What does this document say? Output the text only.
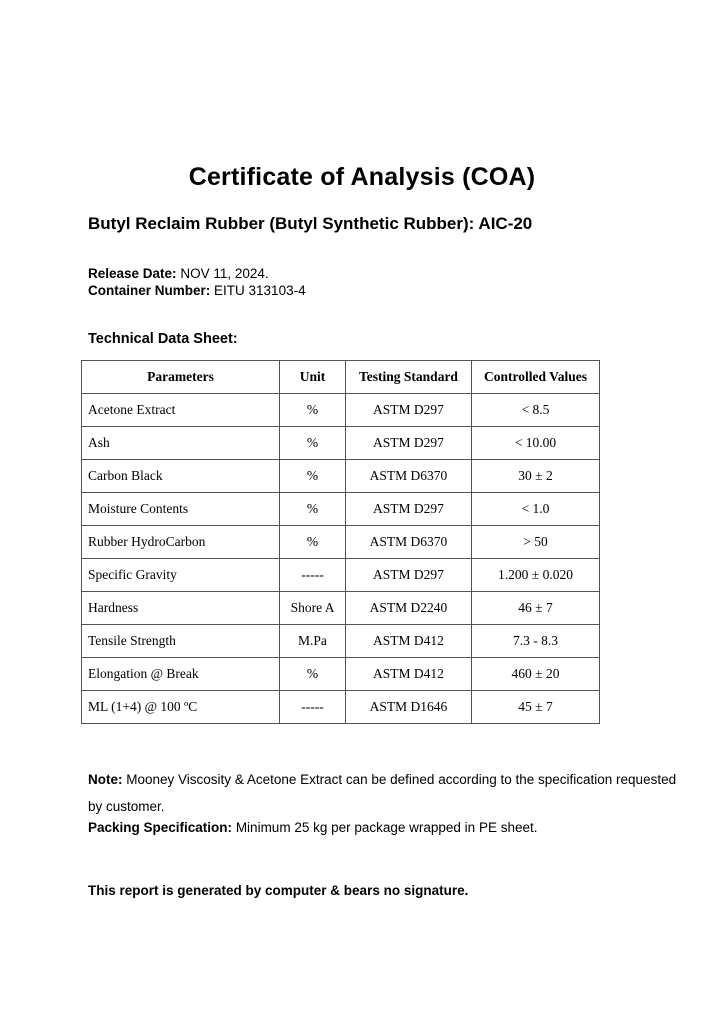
Certificate of Analysis (COA)
Butyl Reclaim Rubber (Butyl Synthetic Rubber): AIC-20
Release Date: NOV 11, 2024.
Container Number: EITU 313103-4
Technical Data Sheet:
Parameters	Unit	Testing Standard	Controlled Values
Acetone Extract	%	ASTM D297	< 8.5
Ash	%	ASTM D297	< 10.00
Carbon Black	%	ASTM D6370	30 ± 2
Moisture Contents	%	ASTM D297	< 1.0
Rubber HydroCarbon	%	ASTM D6370	> 50
Specific Gravity	-----	ASTM D297	1.200 ± 0.020
Hardness	Shore A	ASTM D2240	46 ± 7
Tensile Strength	M.Pa	ASTM D412	7.3 - 8.3
Elongation @ Break	%	ASTM D412	460 ± 20
ML (1+4) @ 100 ºC	-----	ASTM D1646	45 ± 7
Note: Mooney Viscosity & Acetone Extract can be defined according to the specification requested by customer.
Packing Specification: Minimum 25 kg per package wrapped in PE sheet.
This report is generated by computer & bears no signature.
